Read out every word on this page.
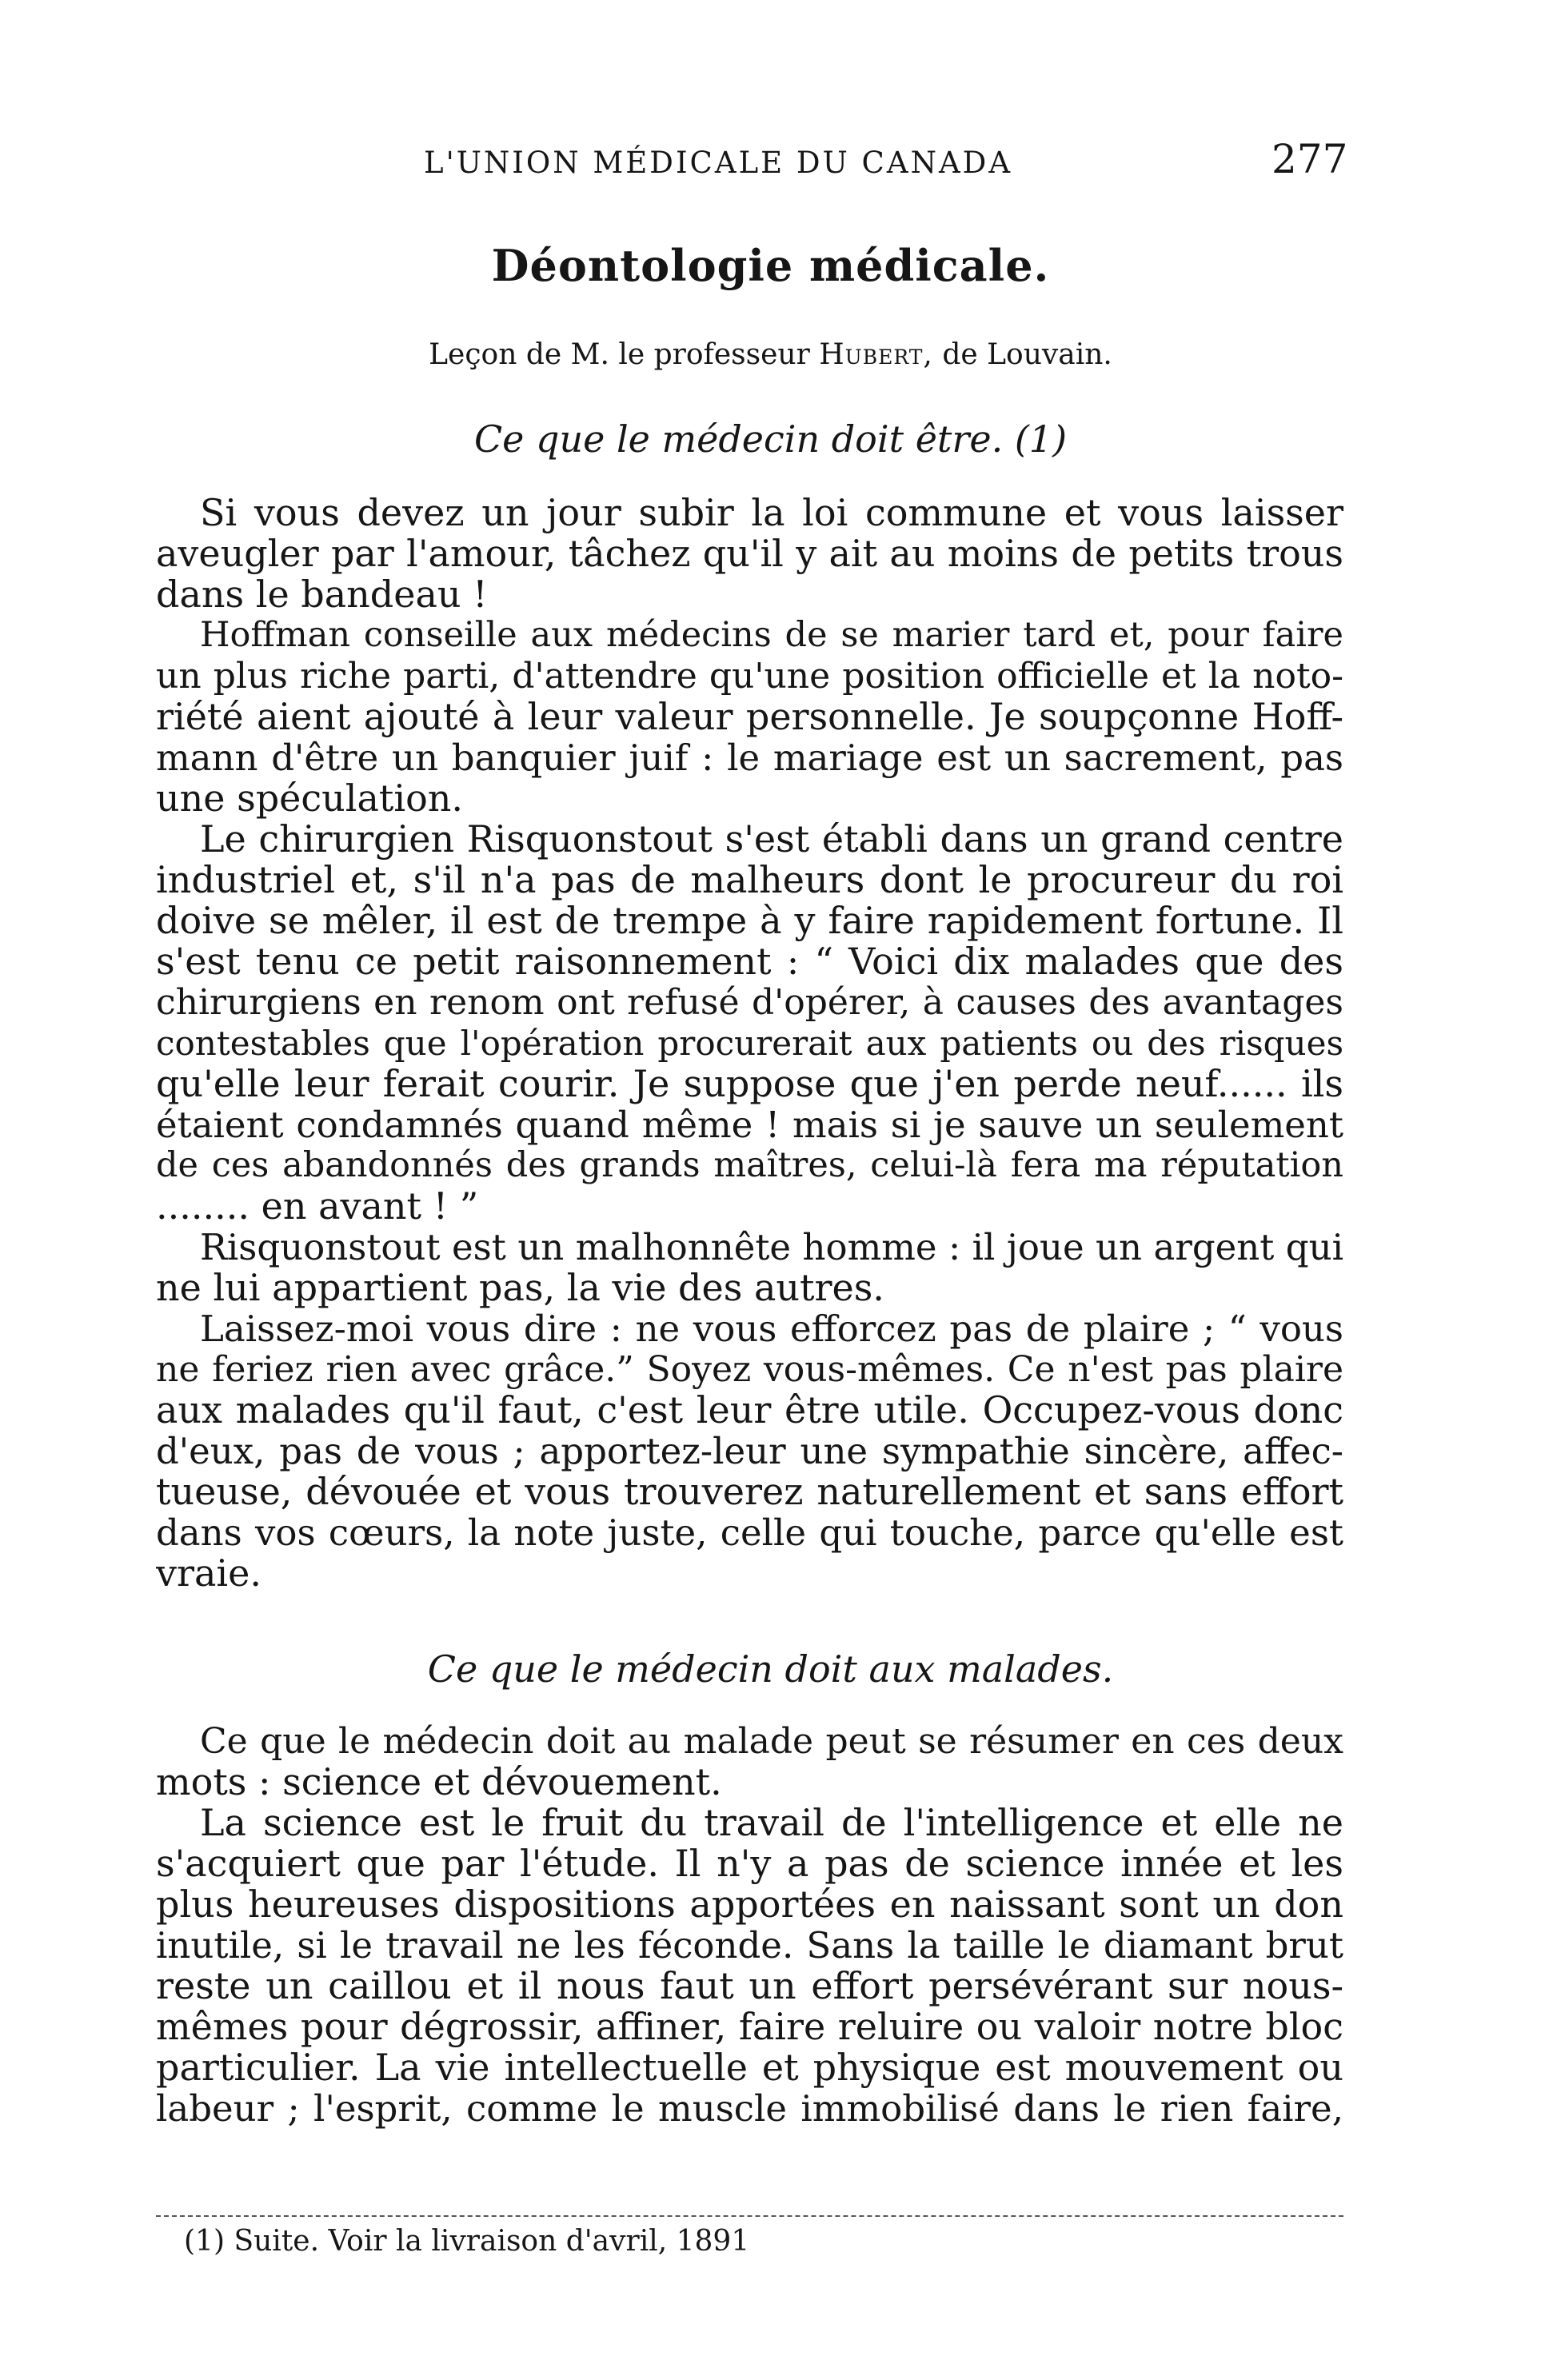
L'UNION MÉDICALE DU CANADA	277
Déontologie médicale.
Leçon de M. le professeur Hubert, de Louvain.
Ce que le médecin doit être. (1)
Si vous devez un jour subir la loi commune et vous laisser
aveugler par l'amour, tâchez qu'il y ait au moins de petits trous
dans le bandeau !
Hoffman conseille aux médecins de se marier tard et, pour faire
un plus riche parti, d'attendre qu'une position officielle et la noto-
riété aient ajouté à leur valeur personnelle. Je soupçonne Hoff-
mann d'être un banquier juif : le mariage est un sacrement, pas
une spéculation.
Le chirurgien Risquonstout s'est établi dans un grand centre
industriel et, s'il n'a pas de malheurs dont le procureur du roi
doive se mêler, il est de trempe à y faire rapidement fortune. Il
s'est tenu ce petit raisonnement : “ Voici dix malades que des
chirurgiens en renom ont refusé d'opérer, à causes des avantages
contestables que l'opération procurerait aux patients ou des risques
qu'elle leur ferait courir. Je suppose que j'en perde neuf...... ils
étaient condamnés quand même ! mais si je sauve un seulement
de ces abandonnés des grands maîtres, celui-là fera ma réputation
........ en avant ! ”
Risquonstout est un malhonnête homme : il joue un argent qui
ne lui appartient pas, la vie des autres.
Laissez-moi vous dire : ne vous efforcez pas de plaire ; “ vous
ne feriez rien avec grâce.” Soyez vous-mêmes. Ce n'est pas plaire
aux malades qu'il faut, c'est leur être utile. Occupez-vous donc
d'eux, pas de vous ; apportez-leur une sympathie sincère, affec-
tueuse, dévouée et vous trouverez naturellement et sans effort
dans vos cœurs, la note juste, celle qui touche, parce qu'elle est
vraie.
Ce que le médecin doit aux malades.
Ce que le médecin doit au malade peut se résumer en ces deux
mots : science et dévouement.
La science est le fruit du travail de l'intelligence et elle ne
s'acquiert que par l'étude. Il n'y a pas de science innée et les
plus heureuses dispositions apportées en naissant sont un don
inutile, si le travail ne les féconde. Sans la taille le diamant brut
reste un caillou et il nous faut un effort persévérant sur nous-
mêmes pour dégrossir, affiner, faire reluire ou valoir notre bloc
particulier. La vie intellectuelle et physique est mouvement ou
labeur ; l'esprit, comme le muscle immobilisé dans le rien faire,
(1) Suite. Voir la livraison d'avril, 1891
